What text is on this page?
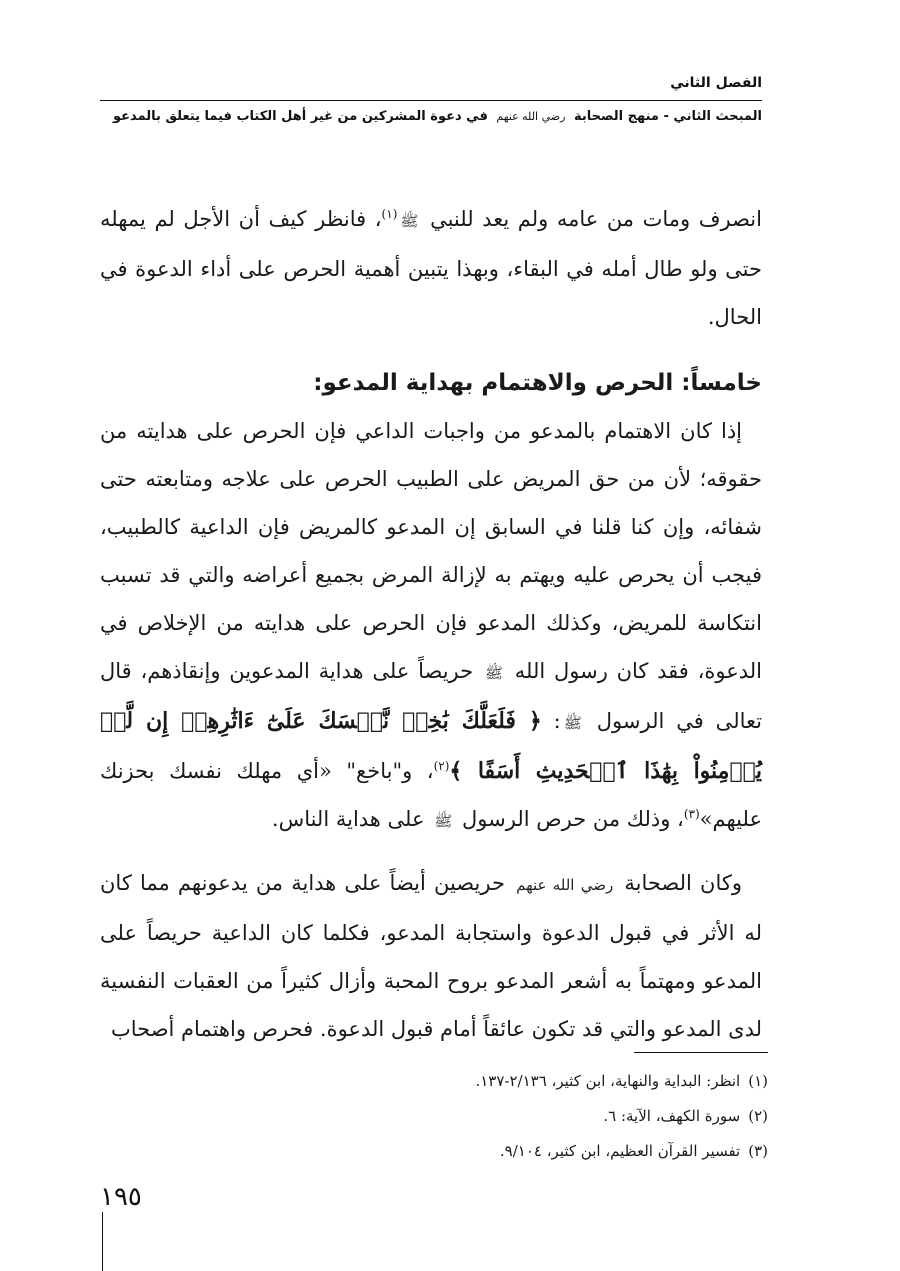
الفصل الثاني
المبحث الثاني - منهج الصحابة رضي الله عنهم في دعوة المشركين من غير أهل الكتاب فيما يتعلق بالمدعو

انصرف ومات من عامه ولم يعد للنبي ﷺ$^{(١)}$، فانظر كيف أن الأجل لم يمهله حتى ولو طال أمله في البقاء، وبهذا يتبين أهمية الحرص على أداء الدعوة في الحال.

خامساً: الحرص والاهتمام بهداية المدعو:

إذا كان الاهتمام بالمدعو من واجبات الداعي فإن الحرص على هدايته من حقوقه؛ لأن من حق المريض على الطبيب الحرص على علاجه ومتابعته حتى شفائه، وإن كنا قلنا في السابق إن المدعو كالمريض فإن الداعية كالطبيب، فيجب أن يحرص عليه ويهتم به لإزالة المرض بجميع أعراضه والتي قد تسبب انتكاسة للمريض، وكذلك المدعو فإن الحرص على هدايته من الإخلاص في الدعوة، فقد كان رسول الله ﷺ حريصاً على هداية المدعوين وإنقاذهم، قال تعالى في الرسول ﷺ: ﴿ فَلَعَلَّكَ بَٰخِعٞ نَّفۡسَكَ عَلَىٰٓ ءَاثَٰرِهِمۡ إِن لَّمۡ يُؤۡمِنُواْ بِهَٰذَا ٱلۡحَدِيثِ أَسَفًا ﴾$^{(٢)}$، و"باخع" «أي مهلك نفسك بحزنك عليهم»$^{(٣)}$، وذلك من حرص الرسول ﷺ على هداية الناس.

وكان الصحابة رضي الله عنهم حريصين أيضاً على هداية من يدعونهم مما كان له الأثر في قبول الدعوة واستجابة المدعو، فكلما كان الداعية حريصاً على المدعو ومهتماً به أشعر المدعو بروح المحبة وأزال كثيراً من العقبات النفسية لدى المدعو والتي قد تكون عائقاً أمام قبول الدعوة. فحرص واهتمام أصحاب

(١)انظر: البداية والنهاية، ابن كثير، ٢/١٣٦-١٣٧.
(٢)سورة الكهف، الآية: ٦.
(٣)تفسير القرآن العظيم، ابن كثير، ٩/١٠٤.
١٩٥
